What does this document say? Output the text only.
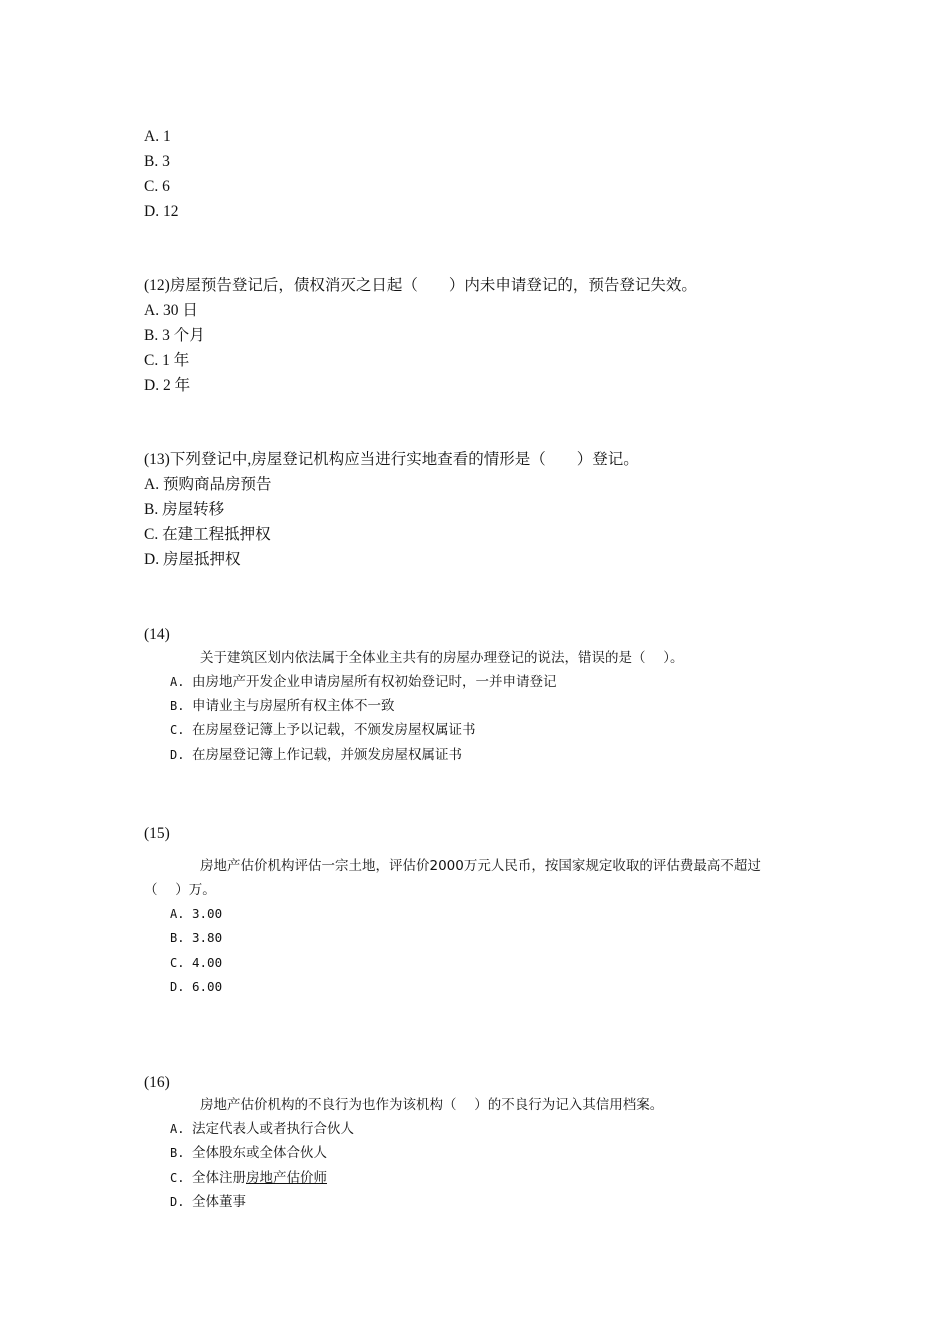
A. 1
B. 3
C. 6
D. 12
(12)房屋预告登记后，债权消灭之日起（　　）内未申请登记的，预告登记失效。
A. 30 日
B. 3 个月
C. 1 年
D. 2 年
(13)下列登记中,房屋登记机构应当进行实地查看的情形是（　　）登记。
A. 预购商品房预告
B. 房屋转移
C. 在建工程抵押权
D. 房屋抵押权
(14)
关于建筑区划内依法属于全体业主共有的房屋办理登记的说法，错误的是（　 ）。
A. 由房地产开发企业申请房屋所有权初始登记时，一并申请登记
B. 申请业主与房屋所有权主体不一致
C. 在房屋登记簿上予以记载，不颁发房屋权属证书
D. 在房屋登记簿上作记载，并颁发房屋权属证书
(15)
房地产估价机构评估一宗土地，评估价2000万元人民币，按国家规定收取的评估费最高不超过
（　 ）万。
A. 3.00
B. 3.80
C. 4.00
D. 6.00
(16)
房地产估价机构的不良行为也作为该机构（　 ）的不良行为记入其信用档案。
A. 法定代表人或者执行合伙人
B. 全体股东或全体合伙人
C. 全体注册房地产估价师
D. 全体董事
